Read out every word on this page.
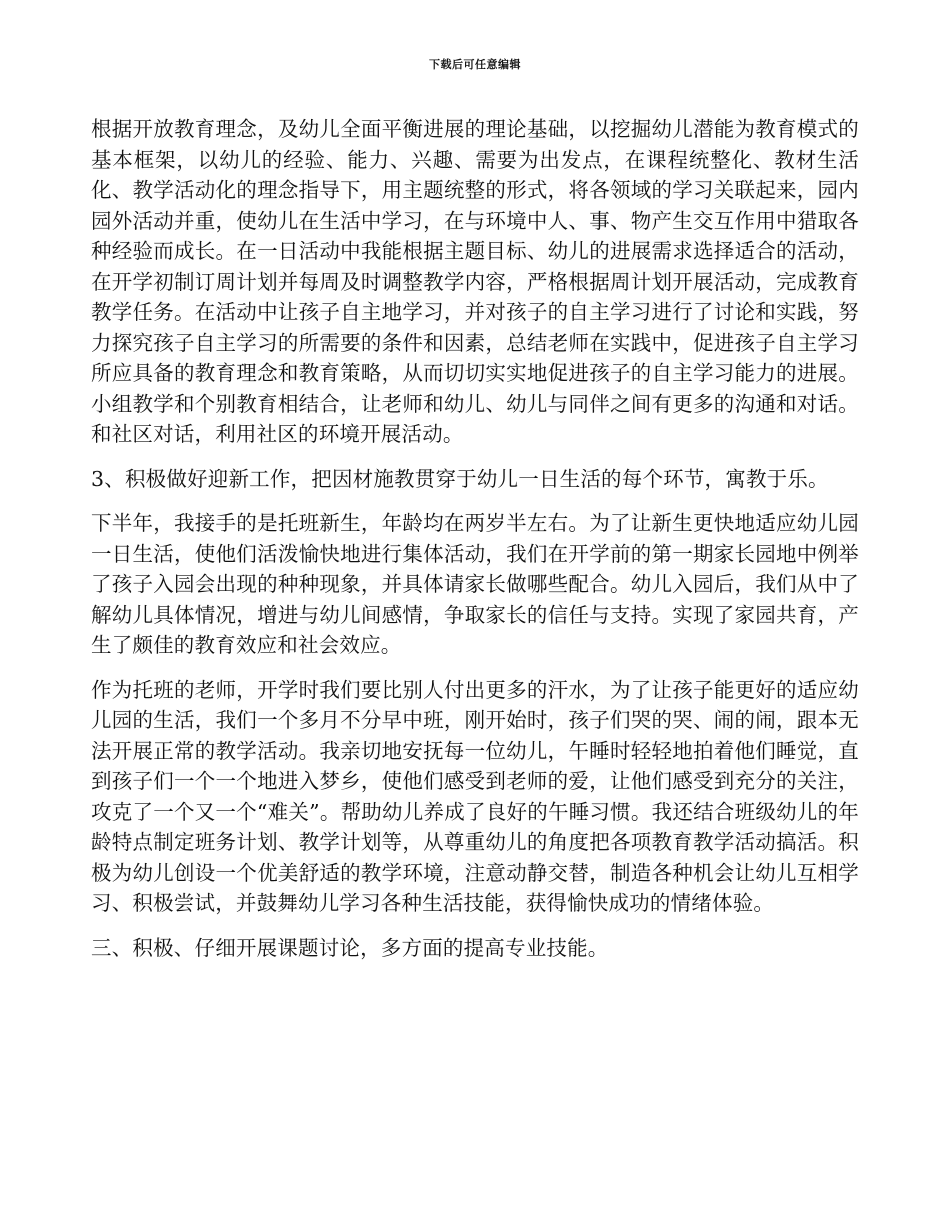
下载后可任意编辑

根据开放教育理念，及幼儿全面平衡进展的理论基础，以挖掘幼儿潜能为教育模式的基本框架，以幼儿的经验、能力、兴趣、需要为出发点，在课程统整化、教材生活化、教学活动化的理念指导下，用主题统整的形式，将各领域的学习关联起来，园内园外活动并重，使幼儿在生活中学习，在与环境中人、事、物产生交互作用中猎取各种经验而成长。在一日活动中我能根据主题目标、幼儿的进展需求选择适合的活动，在开学初制订周计划并每周及时调整教学内容，严格根据周计划开展活动，完成教育教学任务。在活动中让孩子自主地学习，并对孩子的自主学习进行了讨论和实践，努力探究孩子自主学习的所需要的条件和因素，总结老师在实践中，促进孩子自主学习所应具备的教育理念和教育策略，从而切切实实地促进孩子的自主学习能力的进展。小组教学和个别教育相结合，让老师和幼儿、幼儿与同伴之间有更多的沟通和对话。和社区对话，利用社区的环境开展活动。

3、积极做好迎新工作，把因材施教贯穿于幼儿一日生活的每个环节，寓教于乐。

下半年，我接手的是托班新生，年龄均在两岁半左右。为了让新生更快地适应幼儿园一日生活，使他们活泼愉快地进行集体活动，我们在开学前的第一期家长园地中例举了孩子入园会出现的种种现象，并具体请家长做哪些配合。幼儿入园后，我们从中了解幼儿具体情况，增进与幼儿间感情，争取家长的信任与支持。实现了家园共育，产生了颇佳的教育效应和社会效应。

作为托班的老师，开学时我们要比别人付出更多的汗水，为了让孩子能更好的适应幼儿园的生活，我们一个多月不分早中班，刚开始时，孩子们哭的哭、闹的闹，跟本无法开展正常的教学活动。我亲切地安抚每一位幼儿，午睡时轻轻地拍着他们睡觉，直到孩子们一个一个地进入梦乡，使他们感受到老师的爱，让他们感受到充分的关注，攻克了一个又一个“难关”。帮助幼儿养成了良好的午睡习惯。我还结合班级幼儿的年龄特点制定班务计划、教学计划等，从尊重幼儿的角度把各项教育教学活动搞活。积极为幼儿创设一个优美舒适的教学环境，注意动静交替，制造各种机会让幼儿互相学习、积极尝试，并鼓舞幼儿学习各种生活技能，获得愉快成功的情绪体验。

三、积极、仔细开展课题讨论，多方面的提高专业技能。
